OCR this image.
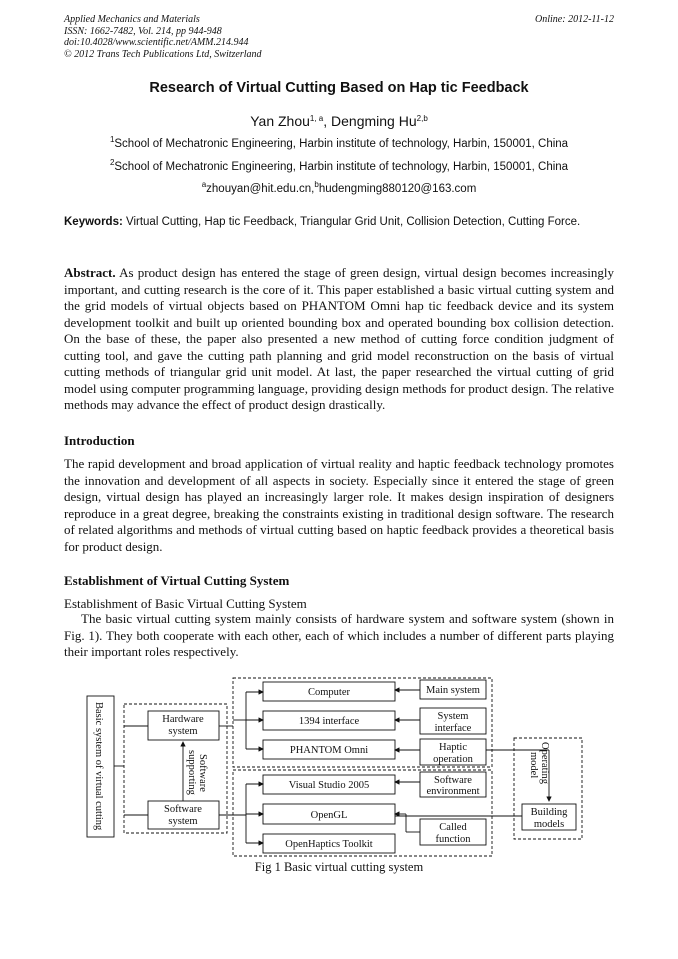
Applied Mechanics and Materials
ISSN: 1662-7482, Vol. 214, pp 944-948
doi:10.4028/www.scientific.net/AMM.214.944
© 2012 Trans Tech Publications Ltd, Switzerland
Online: 2012-11-12
Research of Virtual Cutting Based on Hap tic Feedback
Yan Zhou$^{1, a}$, Dengming Hu$^{2,b}$
$^1$School of Mechatronic Engineering, Harbin institute of technology, Harbin, 150001, China
$^2$School of Mechatronic Engineering, Harbin institute of technology, Harbin, 150001, China
$^a$zhouyan@hit.edu.cn,$^b$hudengming880120@163.com

Keywords: Virtual Cutting, Hap tic Feedback, Triangular Grid Unit, Collision Detection, Cutting Force.

Abstract. As product design has entered the stage of green design, virtual design becomes increasingly important, and cutting research is the core of it. This paper established a basic virtual cutting system and the grid models of virtual objects based on PHANTOM Omni hap tic feedback device and its system development toolkit and built up oriented bounding box and operated bounding box collision detection. On the base of these, the paper also presented a new method of cutting force condition judgment of cutting tool, and gave the cutting path planning and grid model reconstruction on the basis of virtual cutting methods of triangular grid unit model. At last, the paper researched the virtual cutting of grid model using computer programming language, providing design methods for product design. The relative methods may advance the effect of product design drastically.

Introduction

The rapid development and broad application of virtual reality and haptic feedback technology promotes the innovation and development of all aspects in society. Especially since it entered the stage of green design, virtual design has played an increasingly larger role. It makes design inspiration of designers reproduce in a great degree, breaking the constraints existing in traditional design software. The research of related algorithms and methods of virtual cutting based on haptic feedback provides a theoretical basis for product design.

Establishment of Virtual Cutting System

Establishment of Basic Virtual Cutting System

The basic virtual cutting system mainly consists of hardware system and software system (shown in Fig. 1). They both cooperate with each other, each of which includes a number of different parts playing their important roles respectively.

Basic system of virtual cutting	Hardware
system
Software
system
Software
supporting
Computer
1394 interface
PHANTOM Omni
Visual Studio 2005
OpenGL
OpenHaptics Toolkit
Main system
System
interface
Haptic
operation
Software
environment
Called
function
Operating
model
Building
models
Fig 1 Basic virtual cutting system
